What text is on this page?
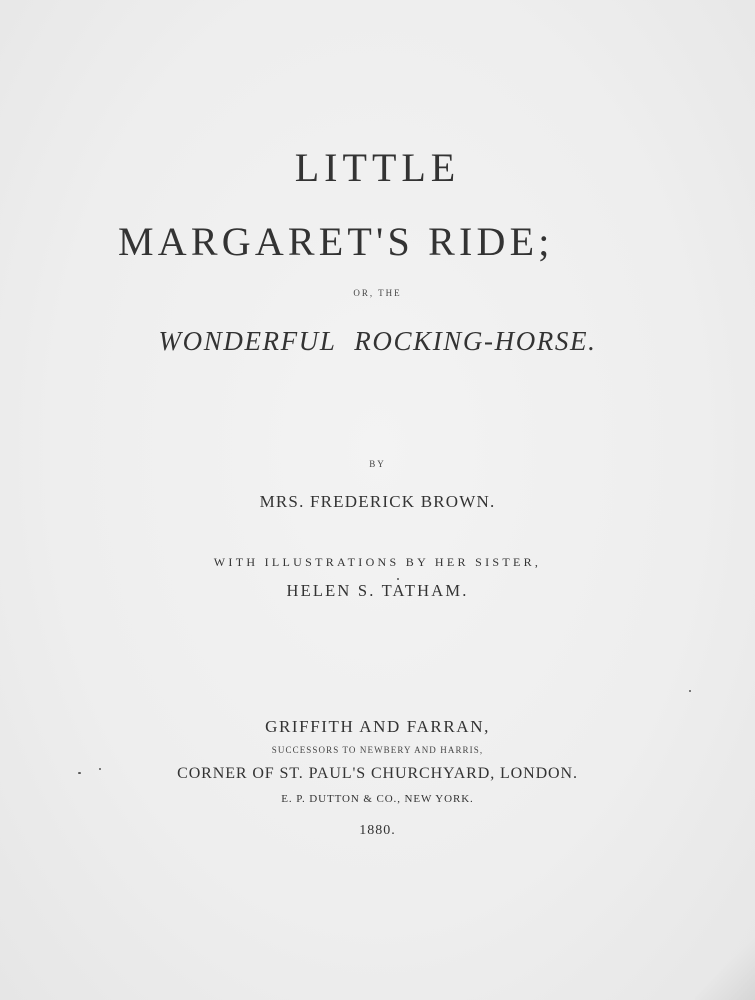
LITTLE
MARGARET'S RIDE;
OR, THE
WONDERFUL ROCKING-HORSE.
BY
MRS. FREDERICK BROWN.
WITH ILLUSTRATIONS BY HER SISTER,
HELEN S. TATHAM.
GRIFFITH AND FARRAN,
SUCCESSORS TO NEWBERY AND HARRIS,
CORNER OF ST. PAUL'S CHURCHYARD, LONDON.
E. P. DUTTON & CO., NEW YORK.
1880.
